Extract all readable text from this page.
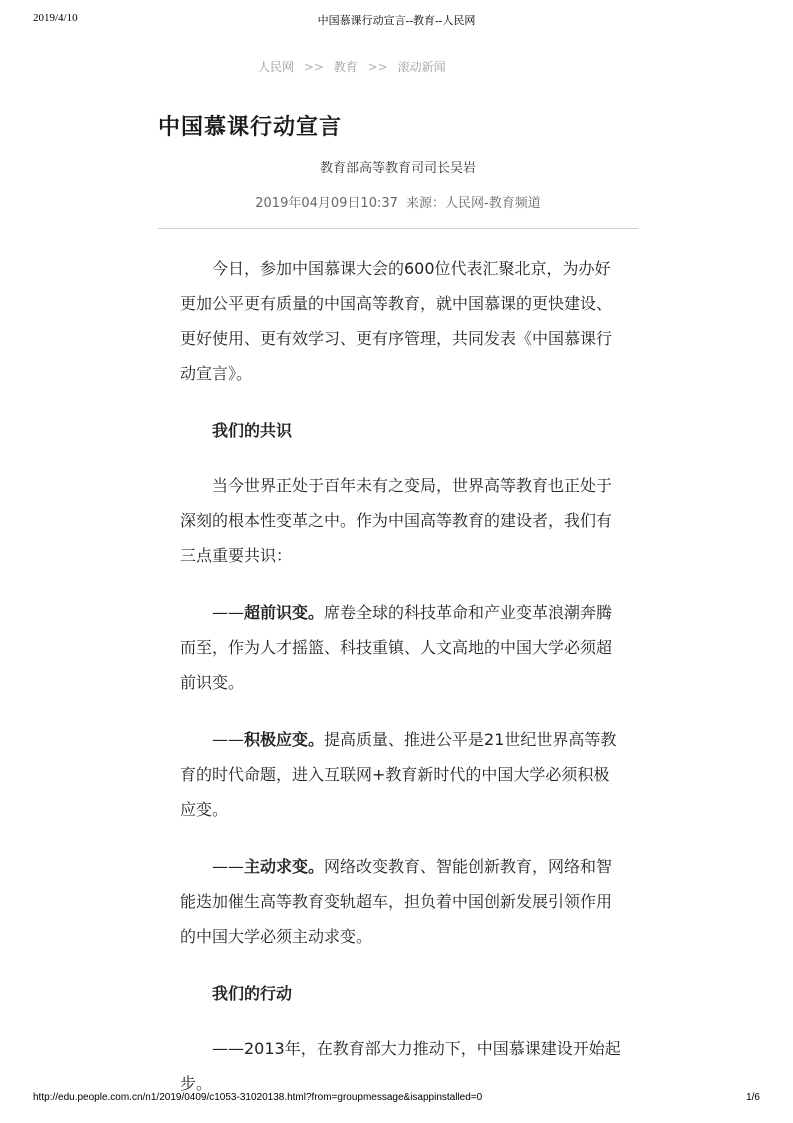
2019/4/10	中国慕课行动宣言--教育--人民网
人民网 >> 教育 >> 滚动新闻
中国慕课行动宣言
教育部高等教育司司长吴岩
2019年04月09日10:37 来源：人民网-教育频道

今日，参加中国慕课大会的600位代表汇聚北京，为办好更加公平更有质量的中国高等教育，就中国慕课的更快建设、更好使用、更有效学习、更有序管理，共同发表《中国慕课行动宣言》。

我们的共识

当今世界正处于百年未有之变局，世界高等教育也正处于深刻的根本性变革之中。作为中国高等教育的建设者，我们有三点重要共识：

——超前识变。席卷全球的科技革命和产业变革浪潮奔腾而至，作为人才摇篮、科技重镇、人文高地的中国大学必须超前识变。

——积极应变。提高质量、推进公平是21世纪世界高等教育的时代命题，进入互联网+教育新时代的中国大学必须积极应变。

——主动求变。网络改变教育、智能创新教育，网络和智能迭加催生高等教育变轨超车，担负着中国创新发展引领作用的中国大学必须主动求变。

我们的行动

——2013年，在教育部大力推动下，中国慕课建设开始起步。

http://edu.people.com.cn/n1/2019/0409/c1053-31020138.html?from=groupmessage&isappinstalled=0	1/6
